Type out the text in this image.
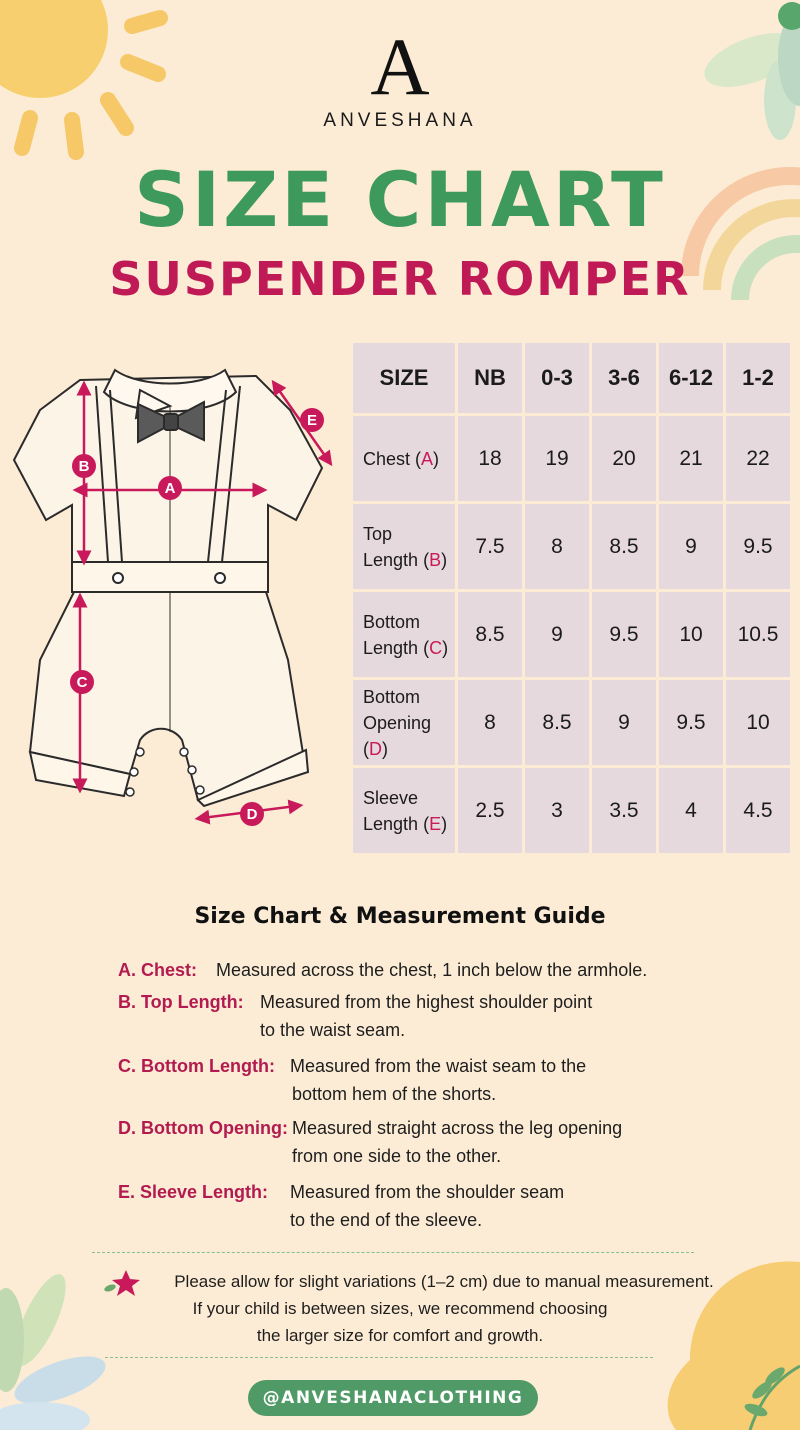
A
ANVESHANA
SIZE CHART
SUSPENDER ROMPER
A
B
C
D
E
SIZE	NB	0-3	3-6	6-12	1-2
Chest (A)	18	19	20	21	22
Top
Length (B)	7.5	8	8.5	9	9.5
Bottom
Length (C)	8.5	9	9.5	10	10.5
Bottom
Opening (D)	8	8.5	9	9.5	10
Sleeve
Length (E)	2.5	3	3.5	4	4.5
Size Chart & Measurement Guide
A. Chest: Measured across the chest, 1 inch below the armhole.
B. Top Length: Measured from the highest shoulder point
to the waist seam.
C. Bottom Length: Measured from the waist seam to the
bottom hem of the shorts.
D. Bottom Opening: Measured straight across the leg opening
from one side to the other.
E. Sleeve Length: Measured from the shoulder seam
to the end of the sleeve.
Please allow for slight variations (1–2 cm) due to manual measurement.
If your child is between sizes, we recommend choosing
the larger size for comfort and growth.
@ANVESHANACLOTHING
